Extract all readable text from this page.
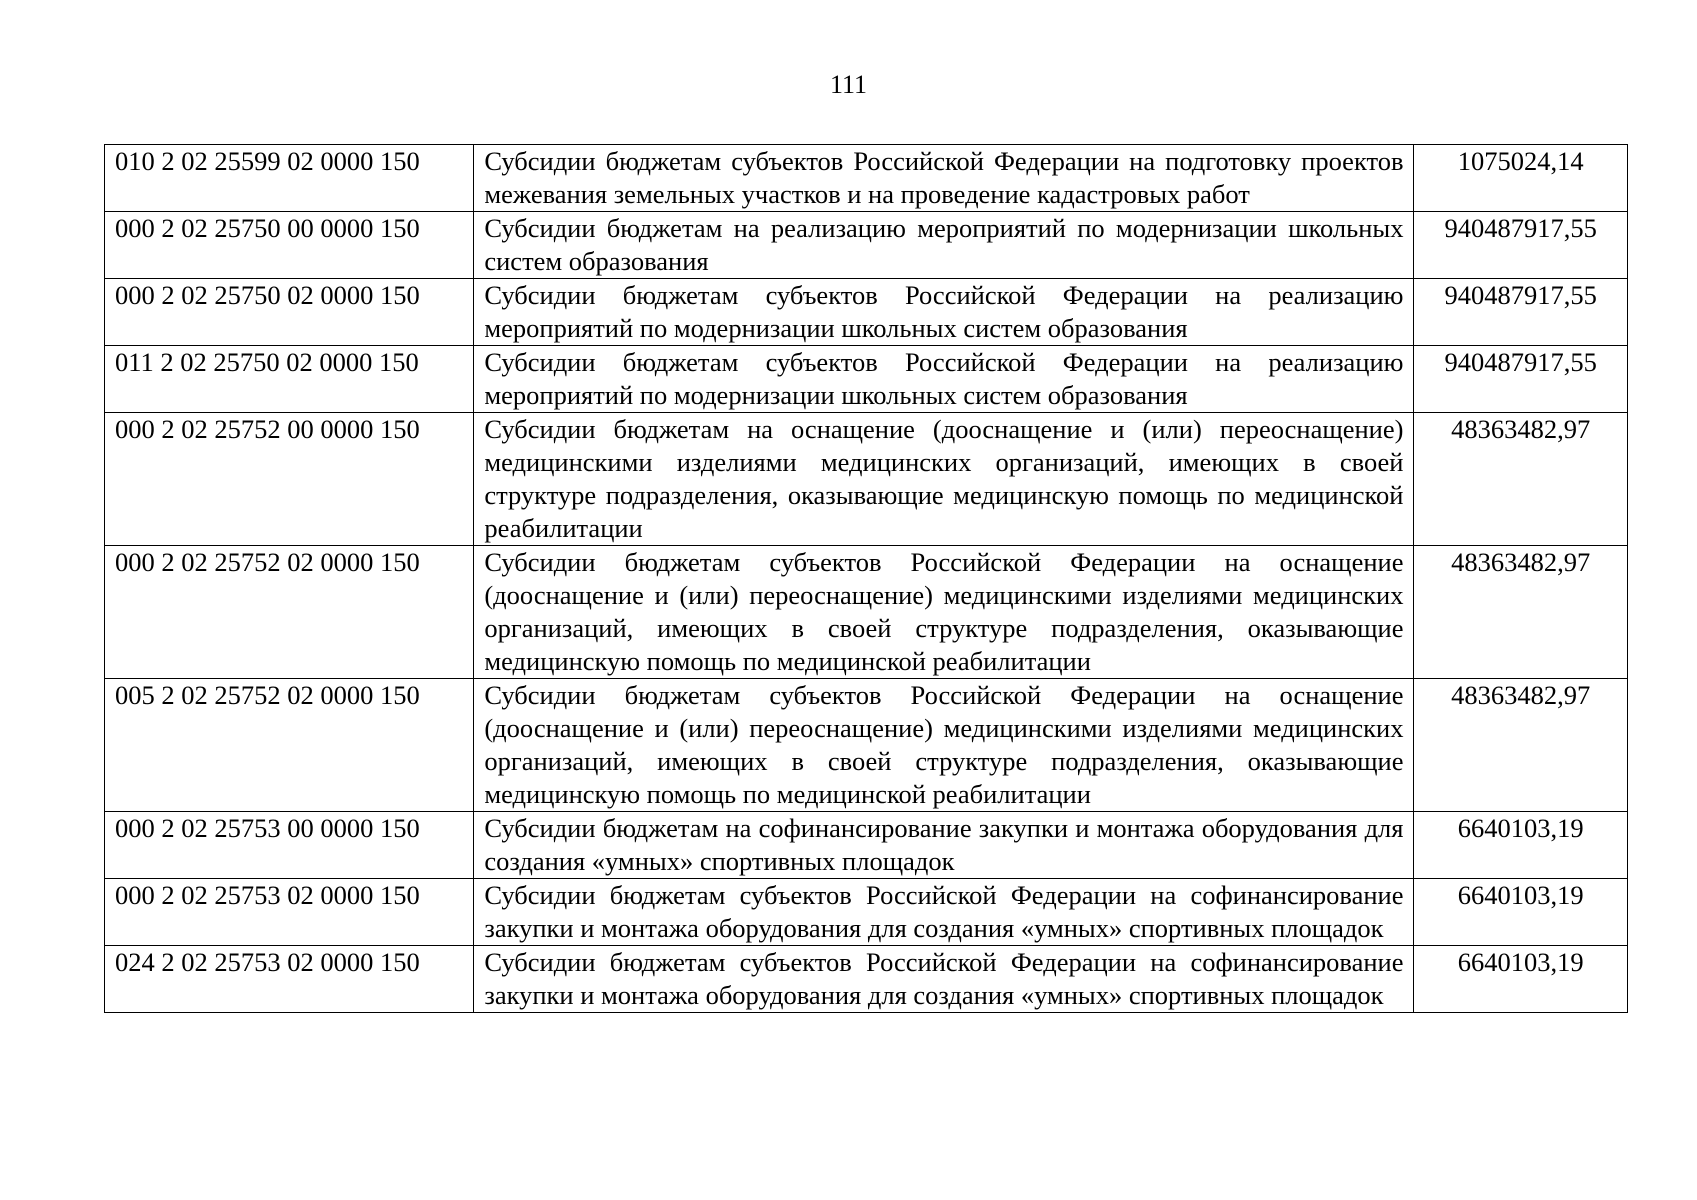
111
010 2 02 25599 02 0000 150	Субсидии бюджетам субъектов Российской Федерации на подготовку проектов межевания земельных участков и на проведение кадастровых работ	1075024,14
000 2 02 25750 00 0000 150	Субсидии бюджетам на реализацию мероприятий по модернизации школьных систем образования	940487917,55
000 2 02 25750 02 0000 150	Субсидии бюджетам субъектов Российской Федерации на реализацию мероприятий по модернизации школьных систем образования	940487917,55
011 2 02 25750 02 0000 150	Субсидии бюджетам субъектов Российской Федерации на реализацию мероприятий по модернизации школьных систем образования	940487917,55
000 2 02 25752 00 0000 150	Субсидии бюджетам на оснащение (дооснащение и (или) переоснащение) медицинскими изделиями медицинских организаций, имеющих в своей структуре подразделения, оказывающие медицинскую помощь по медицинской реабилитации	48363482,97
000 2 02 25752 02 0000 150	Субсидии бюджетам субъектов Российской Федерации на оснащение (дооснащение и (или) переоснащение) медицинскими изделиями медицинских организаций, имеющих в своей структуре подразделения, оказывающие медицинскую помощь по медицинской реабилитации	48363482,97
005 2 02 25752 02 0000 150	Субсидии бюджетам субъектов Российской Федерации на оснащение (дооснащение и (или) переоснащение) медицинскими изделиями медицинских организаций, имеющих в своей структуре подразделения, оказывающие медицинскую помощь по медицинской реабилитации	48363482,97
000 2 02 25753 00 0000 150	Субсидии бюджетам на софинансирование закупки и монтажа оборудования для создания «умных» спортивных площадок	6640103,19
000 2 02 25753 02 0000 150	Субсидии бюджетам субъектов Российской Федерации на софинансирование закупки и монтажа оборудования для создания «умных» спортивных площадок	6640103,19
024 2 02 25753 02 0000 150	Субсидии бюджетам субъектов Российской Федерации на софинансирование закупки и монтажа оборудования для создания «умных» спортивных площадок	6640103,19
